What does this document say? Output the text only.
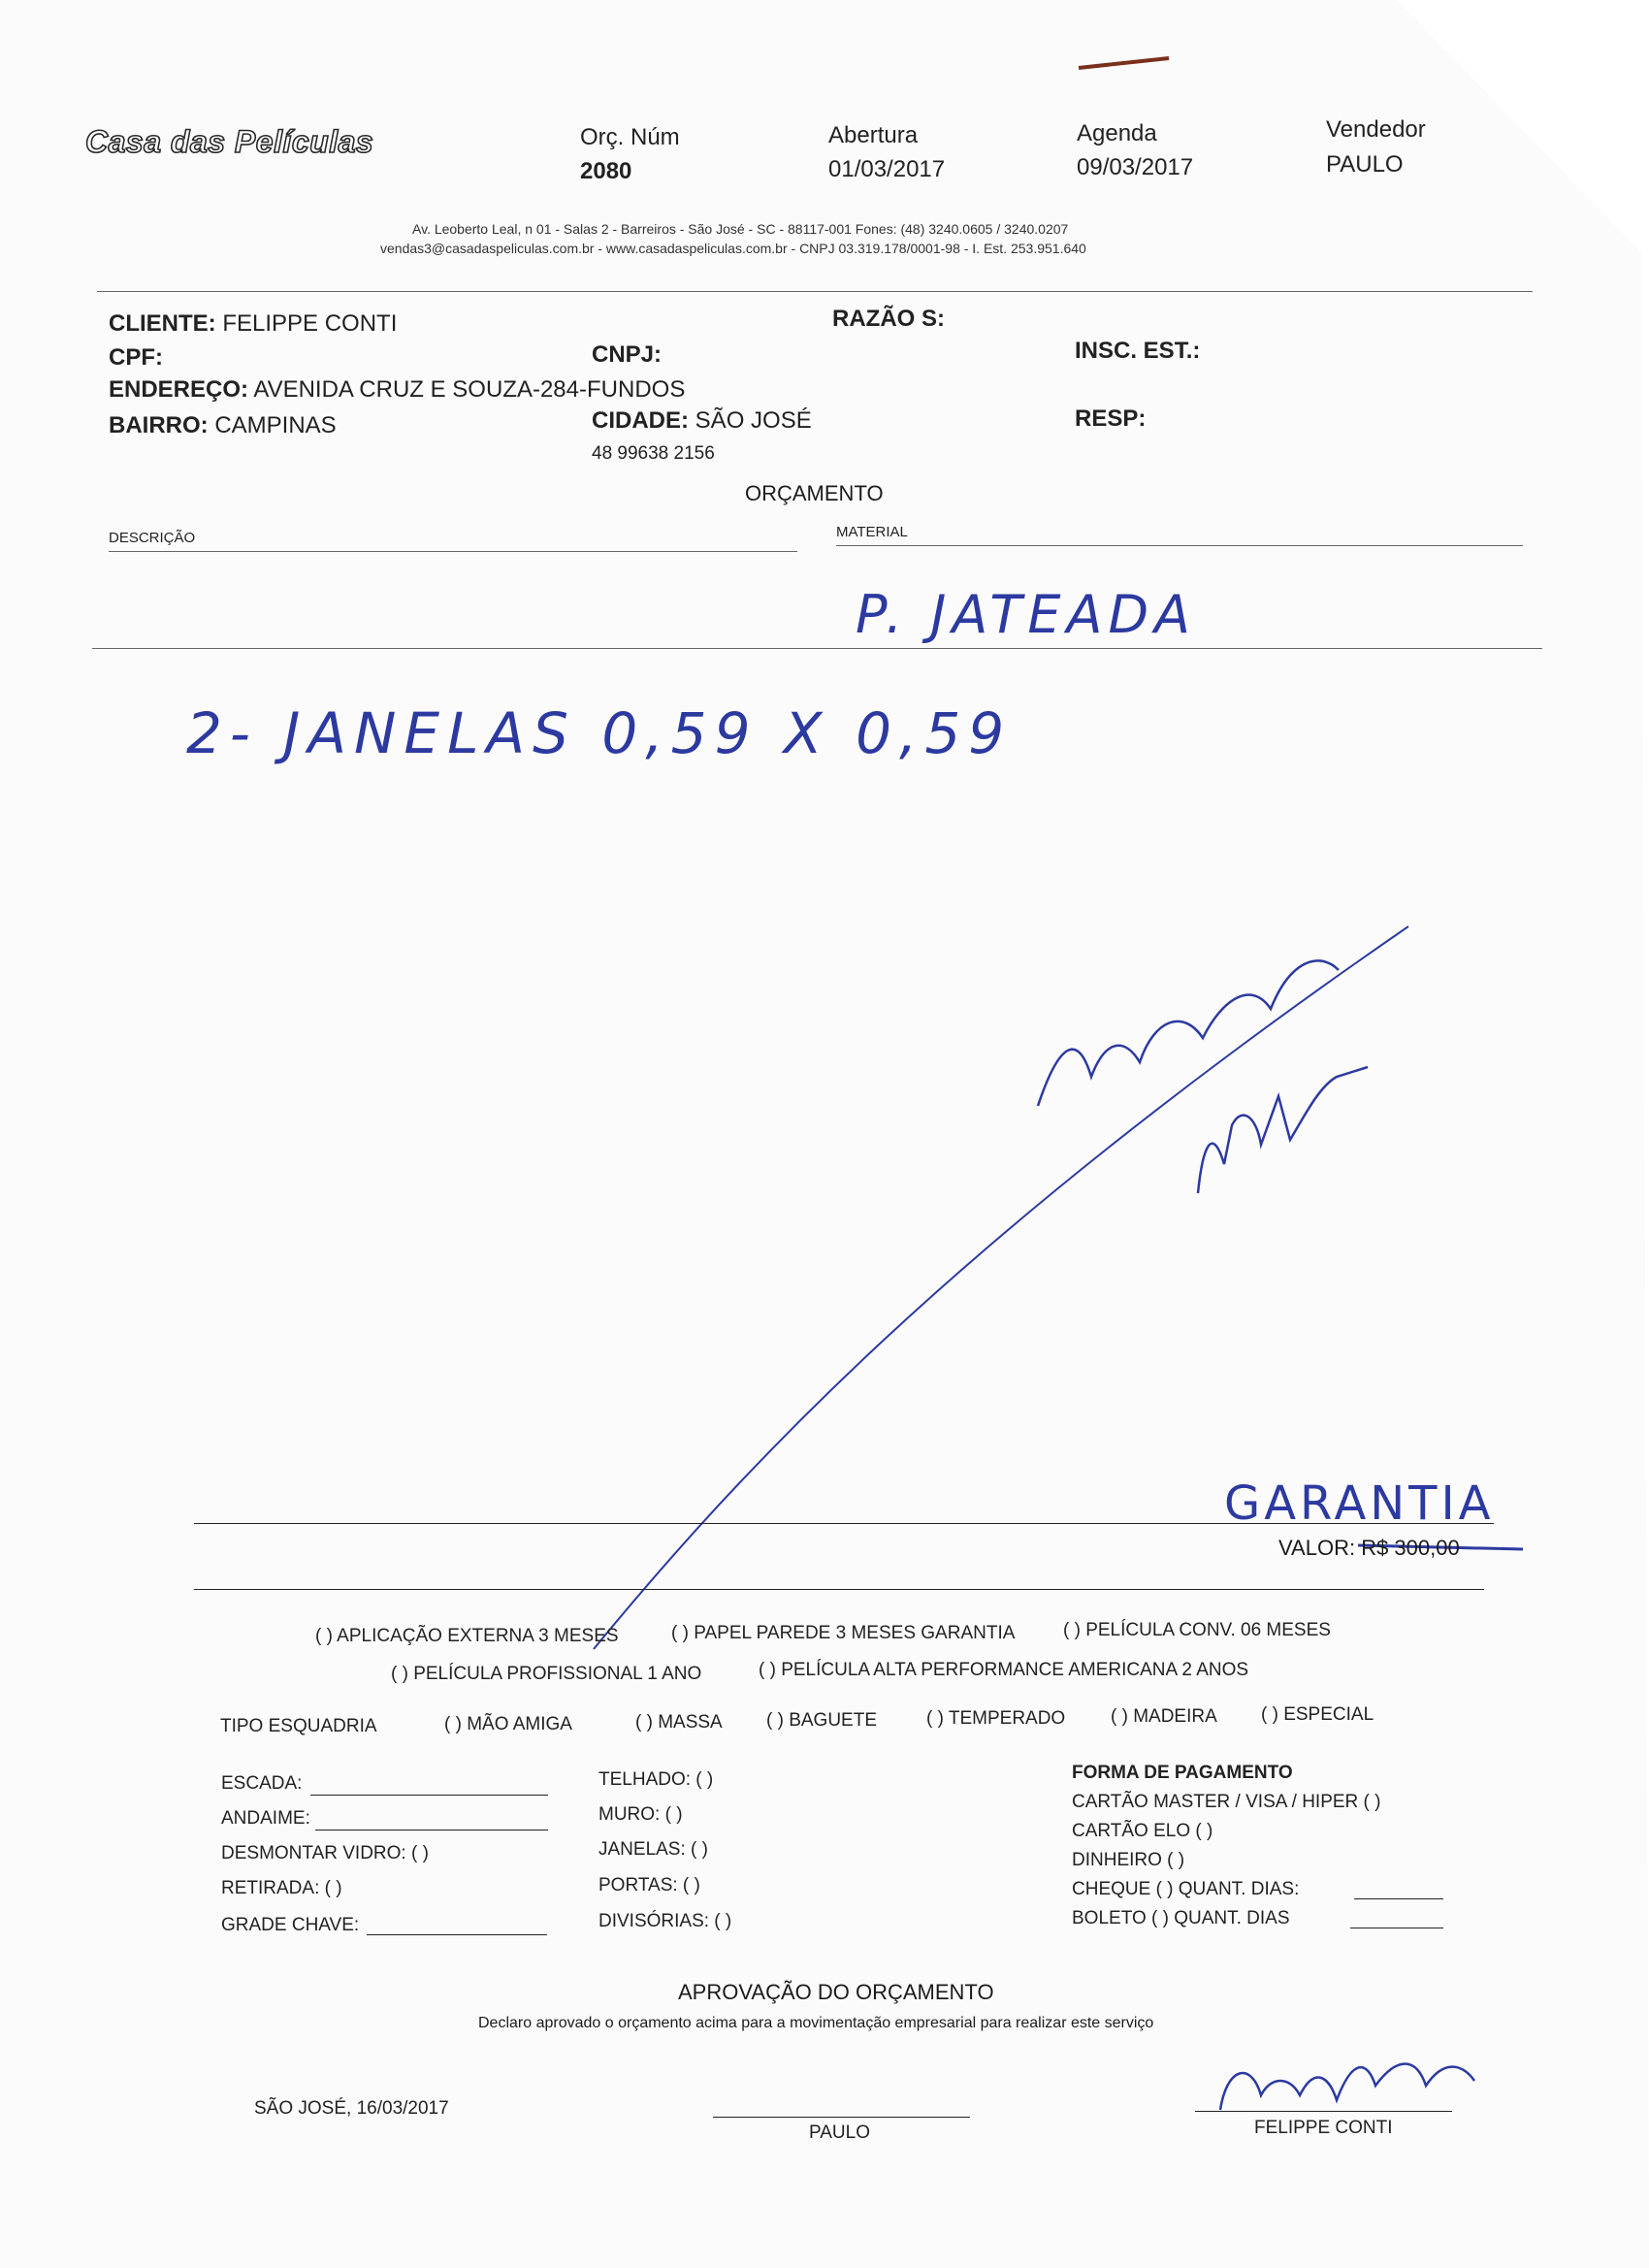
Casa das Películas	Orç. Núm
2080
Abertura
01/03/2017
Agenda
09/03/2017
Vendedor
PAULO
Av. Leoberto Leal, n 01 - Salas 2 - Barreiros - São José - SC - 88117-001 Fones: (48) 3240.0605 / 3240.0207
vendas3@casadaspeliculas.com.br - www.casadaspeliculas.com.br - CNPJ 03.319.178/0001-98 - I. Est. 253.951.640
CLIENTE: FELIPPE CONTI	RAZÃO S:
CPF:	CNPJ:	INSC. EST.:
ENDEREÇO: AVENIDA CRUZ E SOUZA-284-FUNDOS
BAIRRO: CAMPINAS	CIDADE: SÃO JOSÉ	RESP:
48 99638 2156
ORÇAMENTO
DESCRIÇÃO	MATERIAL
P. JATEADA
2- JANELAS 0,59 X 0,59
GARANTIA
VALOR: R$ 300,00
( ) APLICAÇÃO EXTERNA 3 MESES	( ) PAPEL PAREDE 3 MESES GARANTIA	( ) PELÍCULA CONV. 06 MESES
( ) PELÍCULA PROFISSIONAL 1 ANO	( ) PELÍCULA ALTA PERFORMANCE AMERICANA 2 ANOS
TIPO ESQUADRIA	( ) MÃO AMIGA	( ) MASSA ( ) BAGUETE	( ) TEMPERADO ( ) MADEIRA ( ) ESPECIAL
ESCADA:
ANDAIME:
DESMONTAR VIDRO: ( )
RETIRADA: ( )
GRADE CHAVE:
TELHADO: ( )
MURO: ( )
JANELAS: ( )
PORTAS: ( )
DIVISÓRIAS: ( )
FORMA DE PAGAMENTO
CARTÃO MASTER / VISA / HIPER ( )
CARTÃO ELO ( )
DINHEIRO ( )
CHEQUE ( ) QUANT. DIAS:
BOLETO ( ) QUANT. DIAS
APROVAÇÃO DO ORÇAMENTO
Declaro aprovado o orçamento acima para a movimentação empresarial para realizar este serviço
SÃO JOSÉ, 16/03/2017
PAULO	FELIPPE CONTI
